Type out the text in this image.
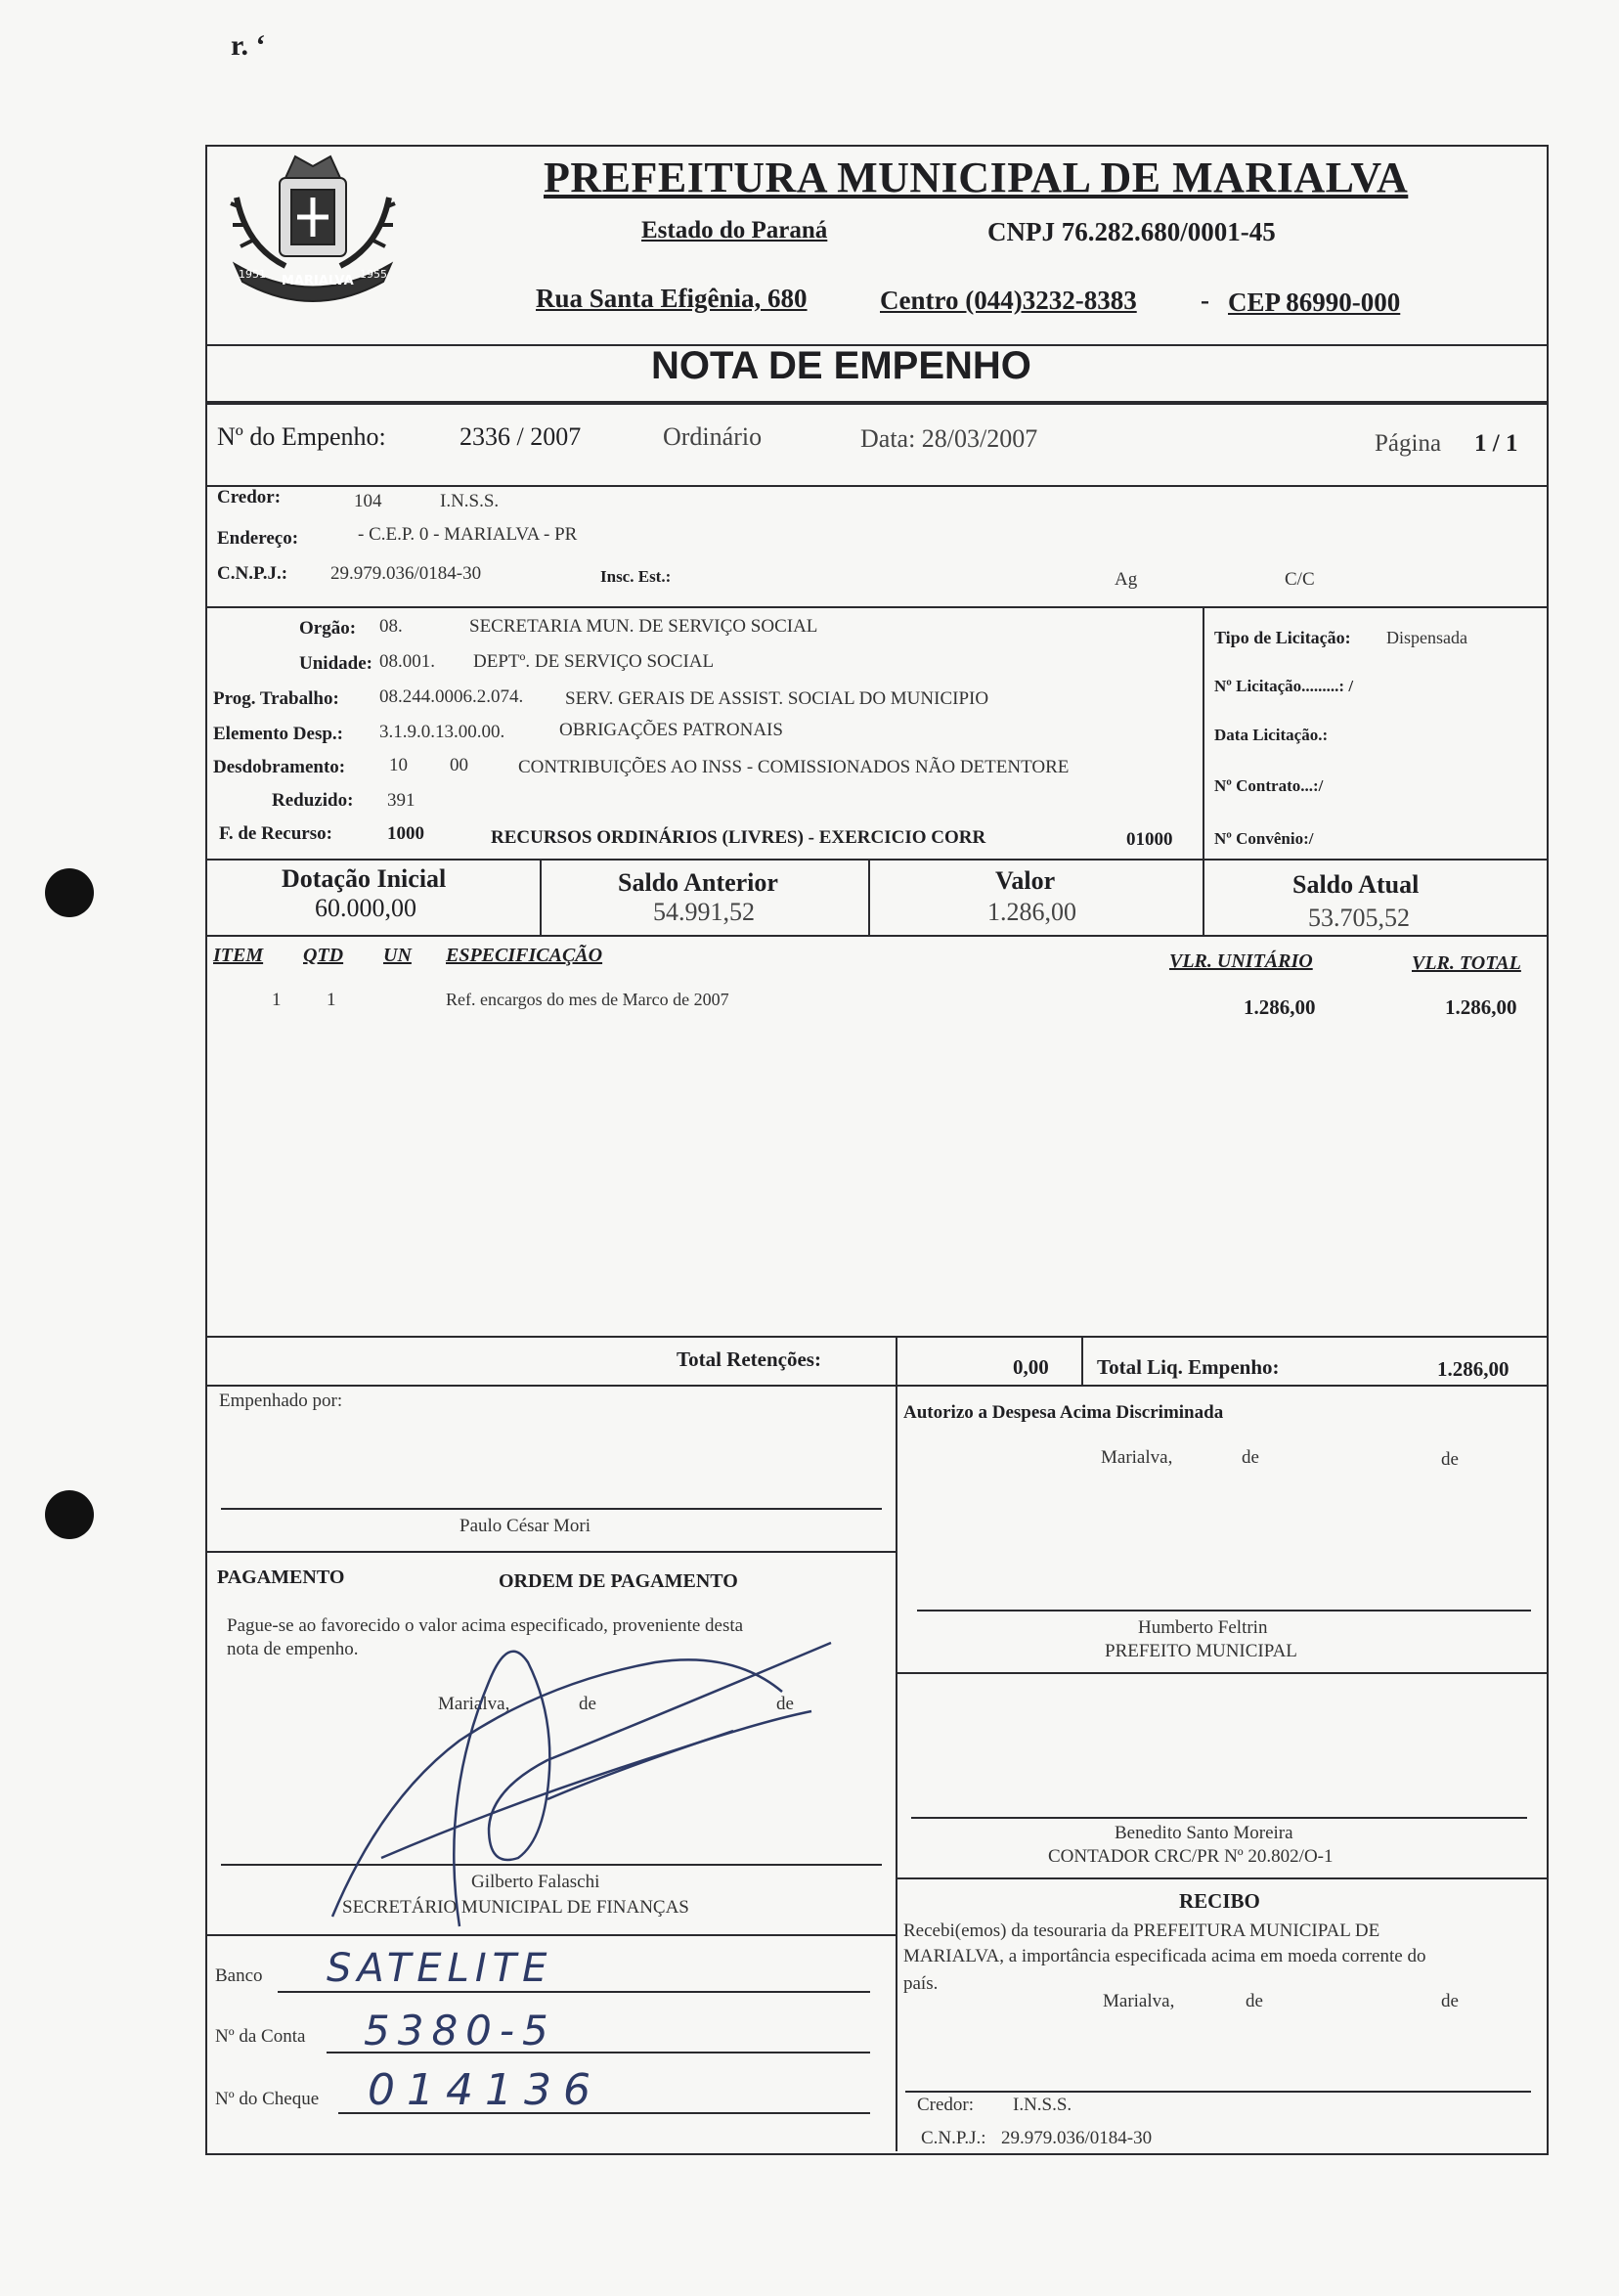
r. ‘
MARIALVA
1951	1955
PREFEITURA MUNICIPAL DE MARIALVA
Estado do Paraná	CNPJ 76.282.680/0001-45
Rua Santa Efigênia, 680	Centro (044)3232-8383 - CEP 86990-000
NOTA DE EMPENHO
Nº do Empenho:	2336 / 2007	Ordinário	Data: 28/03/2007	Página 1 / 1
Credor:	104	I.N.S.S.
Endereço:	- C.E.P. 0 - MARIALVA - PR
C.N.P.J.: 29.979.036/0184-30	Insc. Est.:	Ag	C/C
Orgão: 08.	SECRETARIA MUN. DE SERVIÇO SOCIAL
Unidade: 08.001. DEPTº. DE SERVIÇO SOCIAL
Prog. Trabalho: 08.244.0006.2.074. SERV. GERAIS DE ASSIST. SOCIAL DO MUNICIPIO
Elemento Desp.: 3.1.9.0.13.00.00.	OBRIGAÇÕES PATRONAIS
Desdobramento: 10 00	CONTRIBUIÇÕES AO INSS - COMISSIONADOS NÃO DETENTORE
Reduzido: 391
F. de Recurso:	1000	RECURSOS ORDINÁRIOS (LIVRES) - EXERCICIO CORR	01000
Tipo de Licitação: Dispensada
Nº Licitação.........: /
Data Licitação.:
Nº Contrato...:/
Nº Convênio:/
Dotação Inicial
60.000,00
Saldo Anterior
54.991,52
Valor
1.286,00
Saldo Atual
53.705,52
ITEM QTD UN ESPECIFICAÇÃO	VLR. UNITÁRIO	VLR. TOTAL
1 1	Ref. encargos do mes de Marco de 2007	1.286,00	1.286,00
Total Retenções:	0,00 Total Liq. Empenho:	1.286,00
Empenhado por:
Paulo César Mori
Autorizo a Despesa Acima Discriminada
Marialva,	de	de
Humberto Feltrin
PREFEITO MUNICIPAL
Benedito Santo Moreira
CONTADOR CRC/PR Nº 20.802/O-1
RECIBO
Recebi(emos) da tesouraria da PREFEITURA MUNICIPAL DE
MARIALVA, a importância especificada acima em moeda corrente do
país.
Marialva,	de	de
Credor: I.N.S.S.
C.N.P.J.: 29.979.036/0184-30
PAGAMENTO	ORDEM DE PAGAMENTO
Pague-se ao favorecido o valor acima especificado, proveniente desta
nota de empenho.
Marialva,	de	de
Gilberto Falaschi
SECRETÁRIO MUNICIPAL DE FINANÇAS
Banco SATELITE
Nº da Conta 5380-5
Nº do Cheque 014136
